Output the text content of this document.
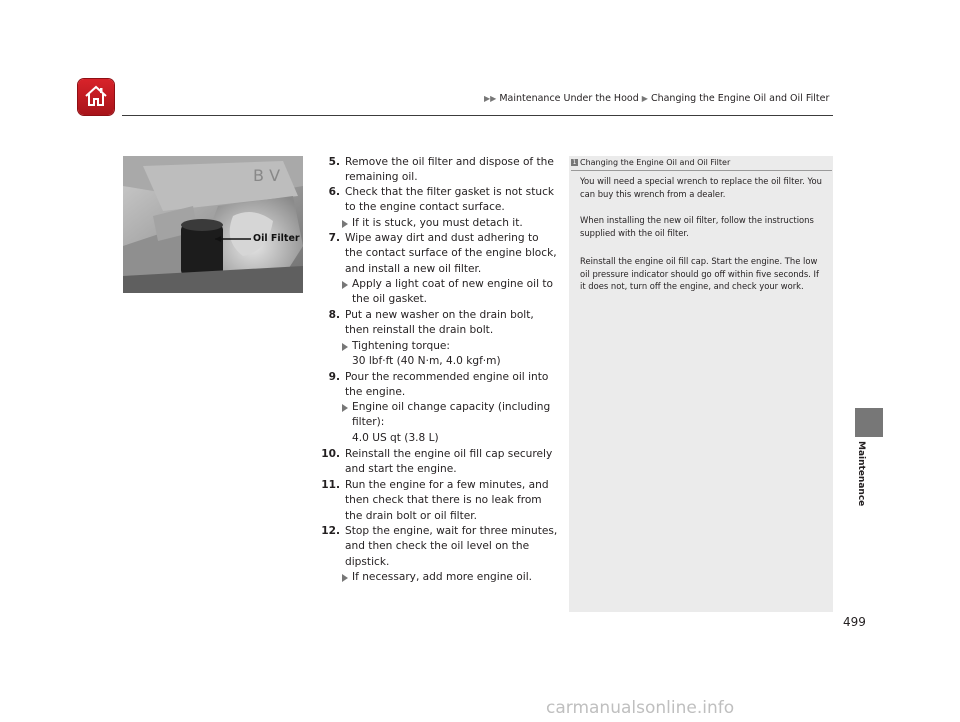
▶▶ Maintenance Under the Hood ▶ Changing the Engine Oil and Oil Filter
B V
Oil Filter
5. Remove the oil filter and dispose of the remaining oil.
6. Check that the filter gasket is not stuck to the engine contact surface.
If it is stuck, you must detach it.
7. Wipe away dirt and dust adhering to the contact surface of the engine block, and install a new oil filter.
Apply a light coat of new engine oil to the oil gasket.
8. Put a new washer on the drain bolt, then reinstall the drain bolt.
Tightening torque:
30 lbf·ft (40 N·m, 4.0 kgf·m)
9. Pour the recommended engine oil into the engine.
Engine oil change capacity (including filter):
4.0 US qt (3.8 L)
10. Reinstall the engine oil fill cap securely and start the engine.
11. Run the engine for a few minutes, and then check that there is no leak from the drain bolt or oil filter.
12. Stop the engine, wait for three minutes, and then check the oil level on the dipstick.
If necessary, add more engine oil.
1 Changing the Engine Oil and Oil Filter
You will need a special wrench to replace the oil filter. You can buy this wrench from a dealer.
When installing the new oil filter, follow the instructions supplied with the oil filter.
Reinstall the engine oil fill cap. Start the engine. The low oil pressure indicator should go off within five seconds. If it does not, turn off the engine, and check your work.
Maintenance
499
carmanualsonline.info
